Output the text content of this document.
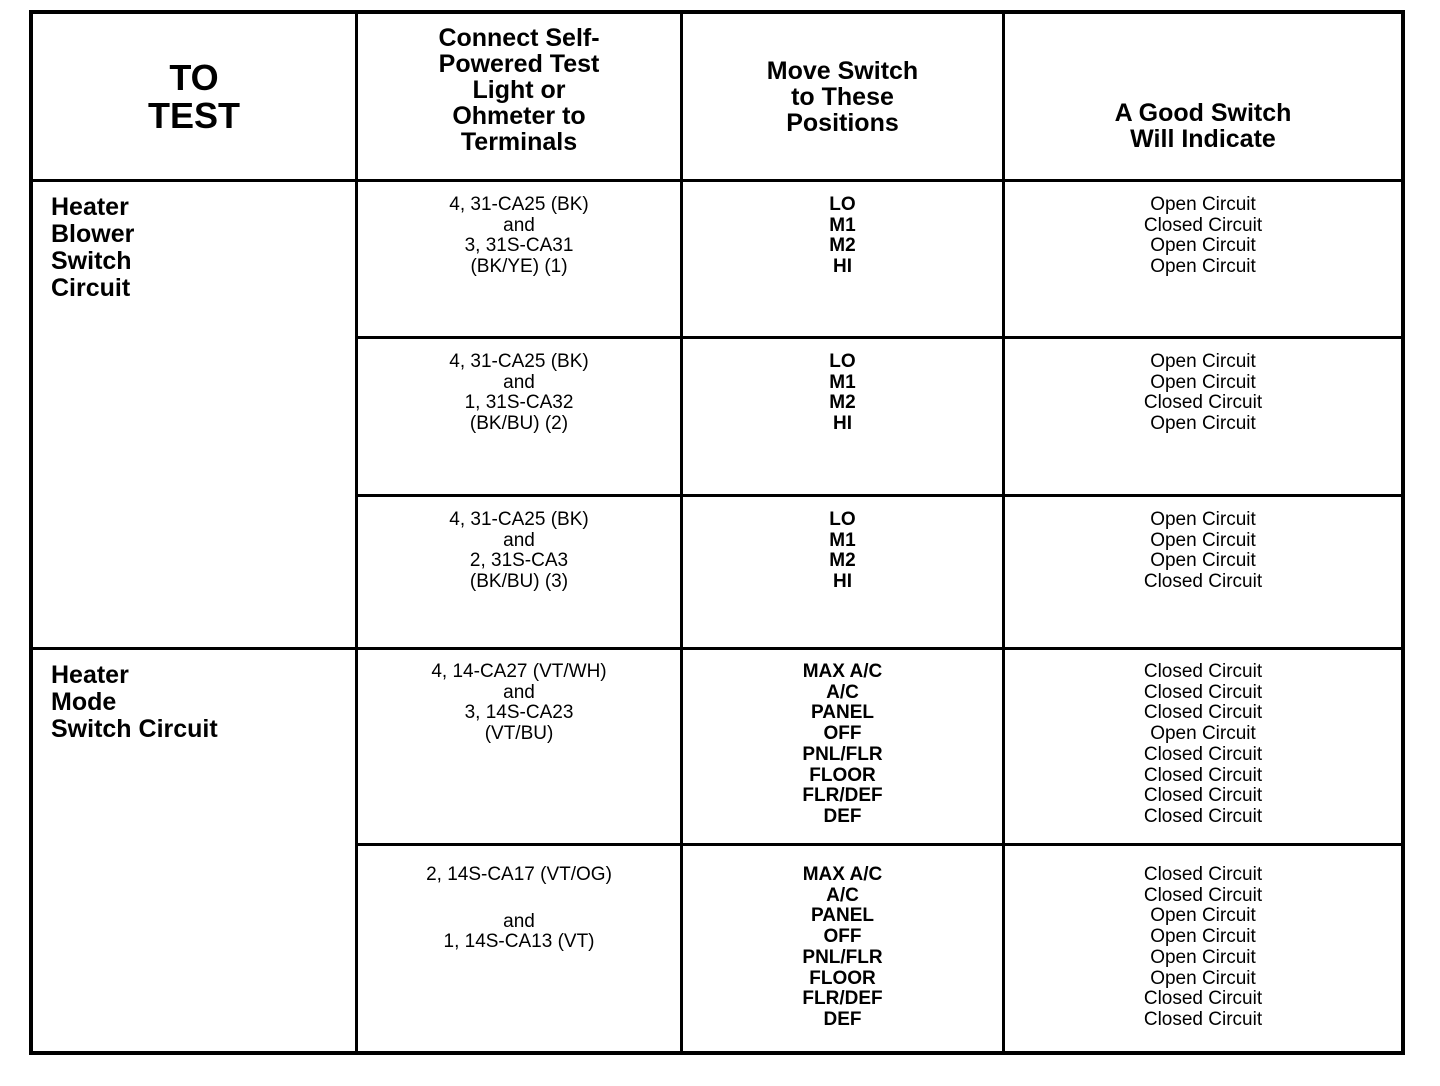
TO
TEST
Connect Self-
Powered Test
Light or
Ohmeter to
Terminals
Move Switch
to These
Positions	A Good Switch
Will Indicate
Heater
Blower
Switch
Circuit
4, 31-CA25 (BK)
and
3, 31S-CA31
(BK/YE) (1)
LO
M1
M2
HI
Open Circuit
Closed Circuit
Open Circuit
Open Circuit
4, 31-CA25 (BK)
and
1, 31S-CA32
(BK/BU) (2)
LO
M1
M2
HI
Open Circuit
Open Circuit
Closed Circuit
Open Circuit
4, 31-CA25 (BK)
and
2, 31S-CA3
(BK/BU) (3)
LO
M1
M2
HI
Open Circuit
Open Circuit
Open Circuit
Closed Circuit
Heater
Mode
Switch Circuit
4, 14-CA27 (VT/WH)
and
3, 14S-CA23
(VT/BU)
MAX A/C
A/C
PANEL
OFF
PNL/FLR
FLOOR
FLR/DEF
DEF
Closed Circuit
Closed Circuit
Closed Circuit
Open Circuit
Closed Circuit
Closed Circuit
Closed Circuit
Closed Circuit
2, 14S-CA17 (VT/OG)
and
1, 14S-CA13 (VT)
MAX A/C
A/C
PANEL
OFF
PNL/FLR
FLOOR
FLR/DEF
DEF
Closed Circuit
Closed Circuit
Open Circuit
Open Circuit
Open Circuit
Open Circuit
Closed Circuit
Closed Circuit
